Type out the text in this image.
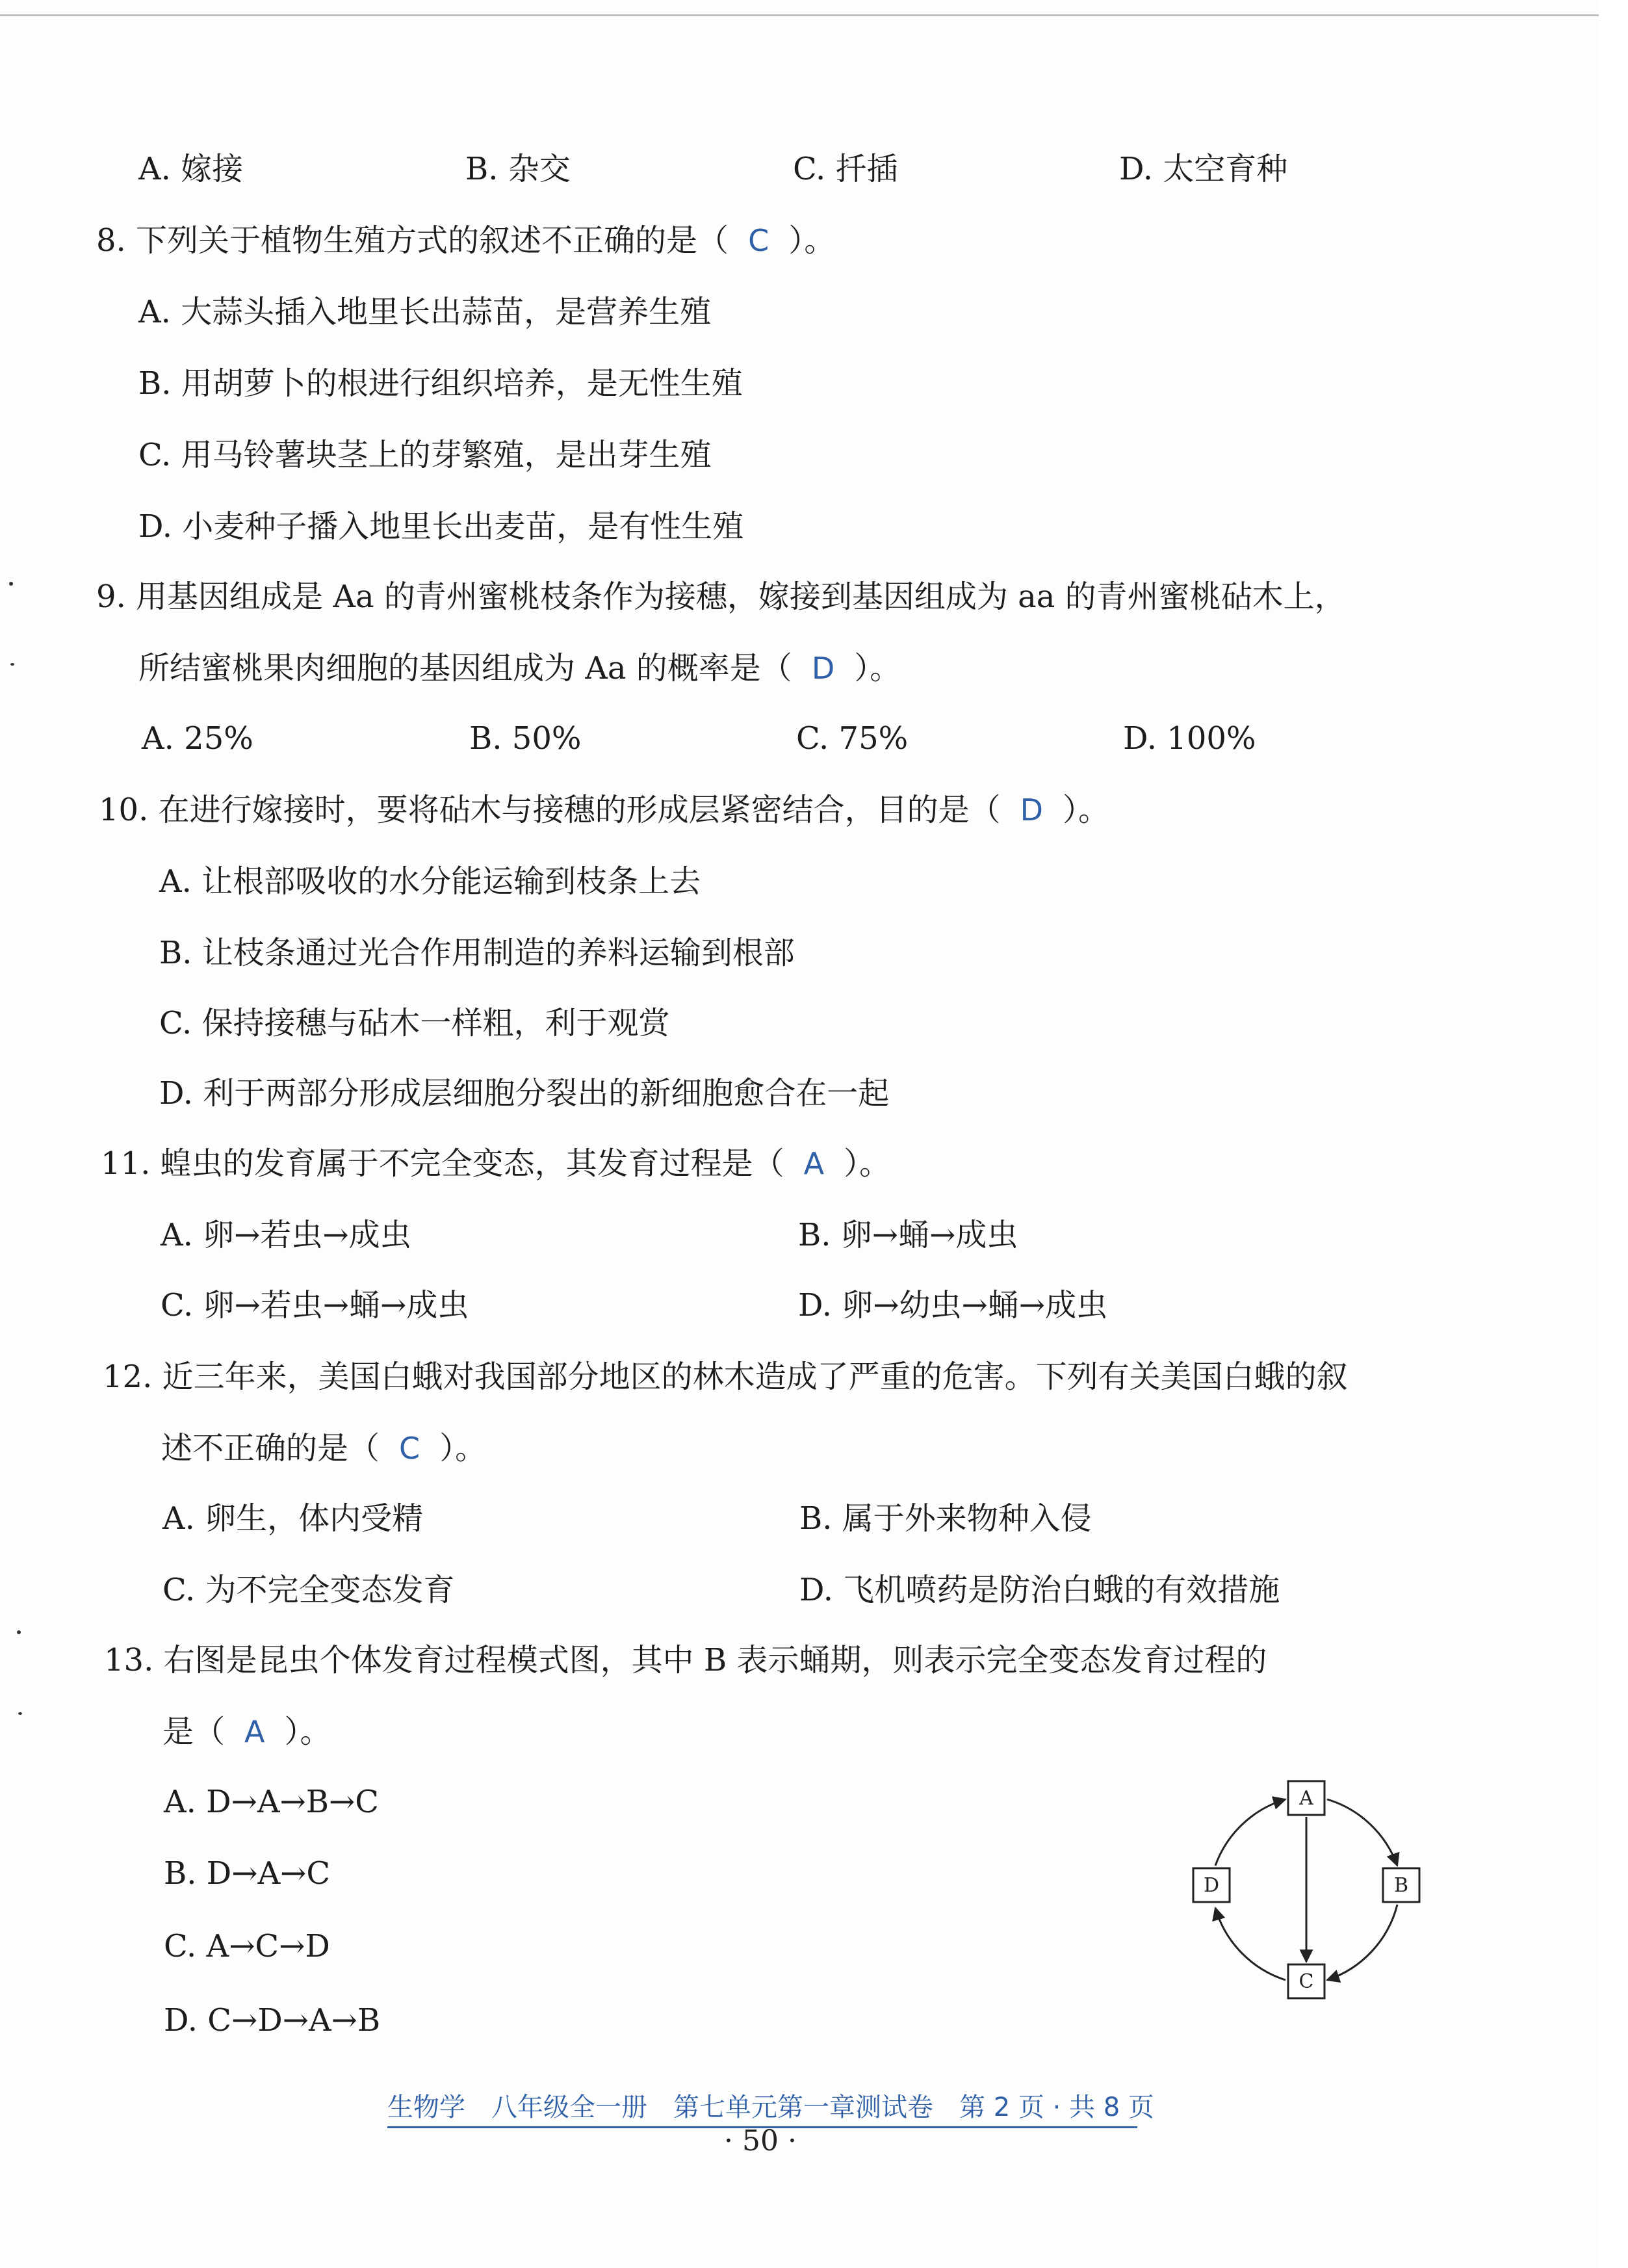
A. 嫁接	B. 杂交	C. 扦插	D. 太空育种
8. 下列关于植物生殖方式的叙述不正确的是（ C ）。
A. 大蒜头插入地里长出蒜苗，是营养生殖
B. 用胡萝卜的根进行组织培养，是无性生殖
C. 用马铃薯块茎上的芽繁殖，是出芽生殖
D. 小麦种子播入地里长出麦苗，是有性生殖
9. 用基因组成是 Aa 的青州蜜桃枝条作为接穗，嫁接到基因组成为 aa 的青州蜜桃砧木上，
所结蜜桃果肉细胞的基因组成为 Aa 的概率是（ D ）。
A. 25%	B. 50%	C. 75%	D. 100%
10. 在进行嫁接时，要将砧木与接穗的形成层紧密结合，目的是（ D ）。
A. 让根部吸收的水分能运输到枝条上去
B. 让枝条通过光合作用制造的养料运输到根部
C. 保持接穗与砧木一样粗，利于观赏
D. 利于两部分形成层细胞分裂出的新细胞愈合在一起
11. 蝗虫的发育属于不完全变态，其发育过程是（ A ）。
A. 卵→若虫→成虫	B. 卵→蛹→成虫
C. 卵→若虫→蛹→成虫	D. 卵→幼虫→蛹→成虫
12. 近三年来，美国白蛾对我国部分地区的林木造成了严重的危害。下列有关美国白蛾的叙
述不正确的是（ C ）。
A. 卵生，体内受精	B. 属于外来物种入侵
C. 为不完全变态发育	D. 飞机喷药是防治白蛾的有效措施
13. 右图是昆虫个体发育过程模式图，其中 B 表示蛹期，则表示完全变态发育过程的
是（ A ）。
A. D→A→B→C
B. D→A→C
C. A→C→D
D. C→D→A→B
A
B
C
D
生物学　八年级全一册　第七单元第一章测试卷　第 2 页 · 共 8 页
· 50 ·
